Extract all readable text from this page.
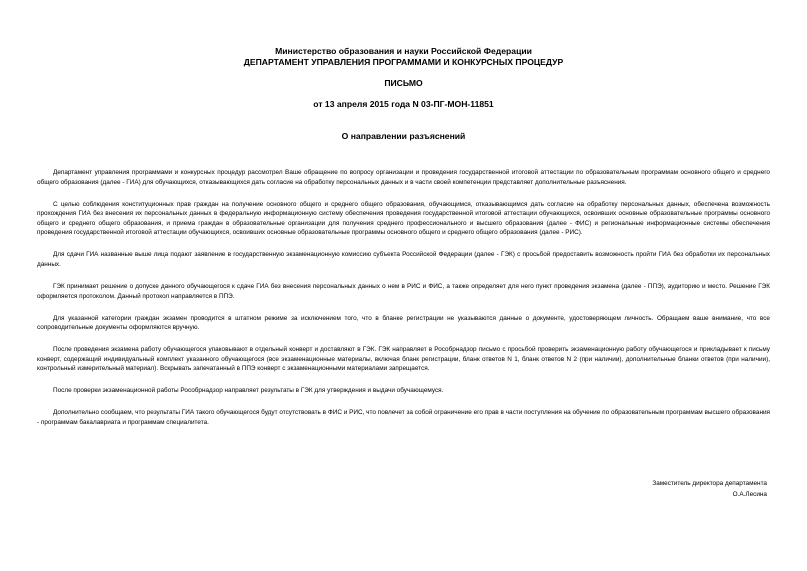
Министерство образования и науки Российской Федерации
ДЕПАРТАМЕНТ УПРАВЛЕНИЯ ПРОГРАММАМИ И КОНКУРСНЫХ ПРОЦЕДУР
ПИСЬМО
от 13 апреля 2015 года N 03-ПГ-МОН-11851
О направлении разъяснений

Департамент управления программами и конкурсных процедур рассмотрел Ваше обращение по вопросу организации и проведения государственной итоговой аттестации по образовательным программам основного общего и среднего общего образования (далее - ГИА) для обучающихся, отказывающихся дать согласие на обработку персональных данных и в части своей компетенции представляет дополнительные разъяснения.

С целью соблюдения конституционных прав граждан на получение основного общего и среднего общего образования, обучающимся, отказывающимся дать согласие на обработку персональных данных, обеспечена возможность прохождения ГИА без внесения их персональных данных в федеральную информационную систему обеспечения проведения государственной итоговой аттестации обучающихся, освоивших основные образовательные программы основного общего и среднего общего образования, и приема граждан в образовательные организации для получения среднего профессионального и высшего образования (далее - ФИС) и региональные информационные системы обеспечения проведения государственной итоговой аттестации обучающихся, освоивших основные образовательные программы основного общего и среднего общего образования (далее - РИС).

Для сдачи ГИА названные выше лица подают заявление в государственную экзаменационную комиссию субъекта Российской Федерации (далее - ГЭК) с просьбой предоставить возможность пройти ГИА без обработки их персональных данных.

ГЭК принимает решение о допуске данного обучающегося к сдаче ГИА без внесения персональных данных о нем в РИС и ФИС, а также определяет для него пункт проведения экзамена (далее - ППЭ), аудиторию и место. Решение ГЭК оформляется протоколом. Данный протокол направляется в ППЭ.

Для указанной категории граждан экзамен проводится в штатном режиме за исключением того, что в бланке регистрации не указываются данные о документе, удостоверяющем личность. Обращаем ваше внимание, что все сопроводительные документы оформляются вручную.

После проведения экзамена работу обучающегося упаковывают в отдельный конверт и доставляют в ГЭК. ГЭК направляет в Рособрнадзор письмо с просьбой проверить экзаменационную работу обучающегося и прикладывает к письму конверт, содержащий индивидуальный комплект указанного обучающегося (все экзаменационные материалы, включая бланк регистрации, бланк ответов N 1, бланк ответов N 2 (при наличии), дополнительные бланки ответов (при наличии), контрольный измерительный материал). Вскрывать запечатанный в ППЭ конверт с экзаменационными материалами запрещается.

После проверки экзаменационной работы Рособрнадзор направляет результаты в ГЭК для утверждения и выдачи обучающемуся.

Дополнительно сообщаем, что результаты ГИА такого обучающегося будут отсутствовать в ФИС и РИС, что повлечет за собой ограничение его прав в части поступления на обучение по образовательным программам высшего образования - программам бакалавриата и программам специалитета.

Заместитель директора департамента
О.А.Лесина
